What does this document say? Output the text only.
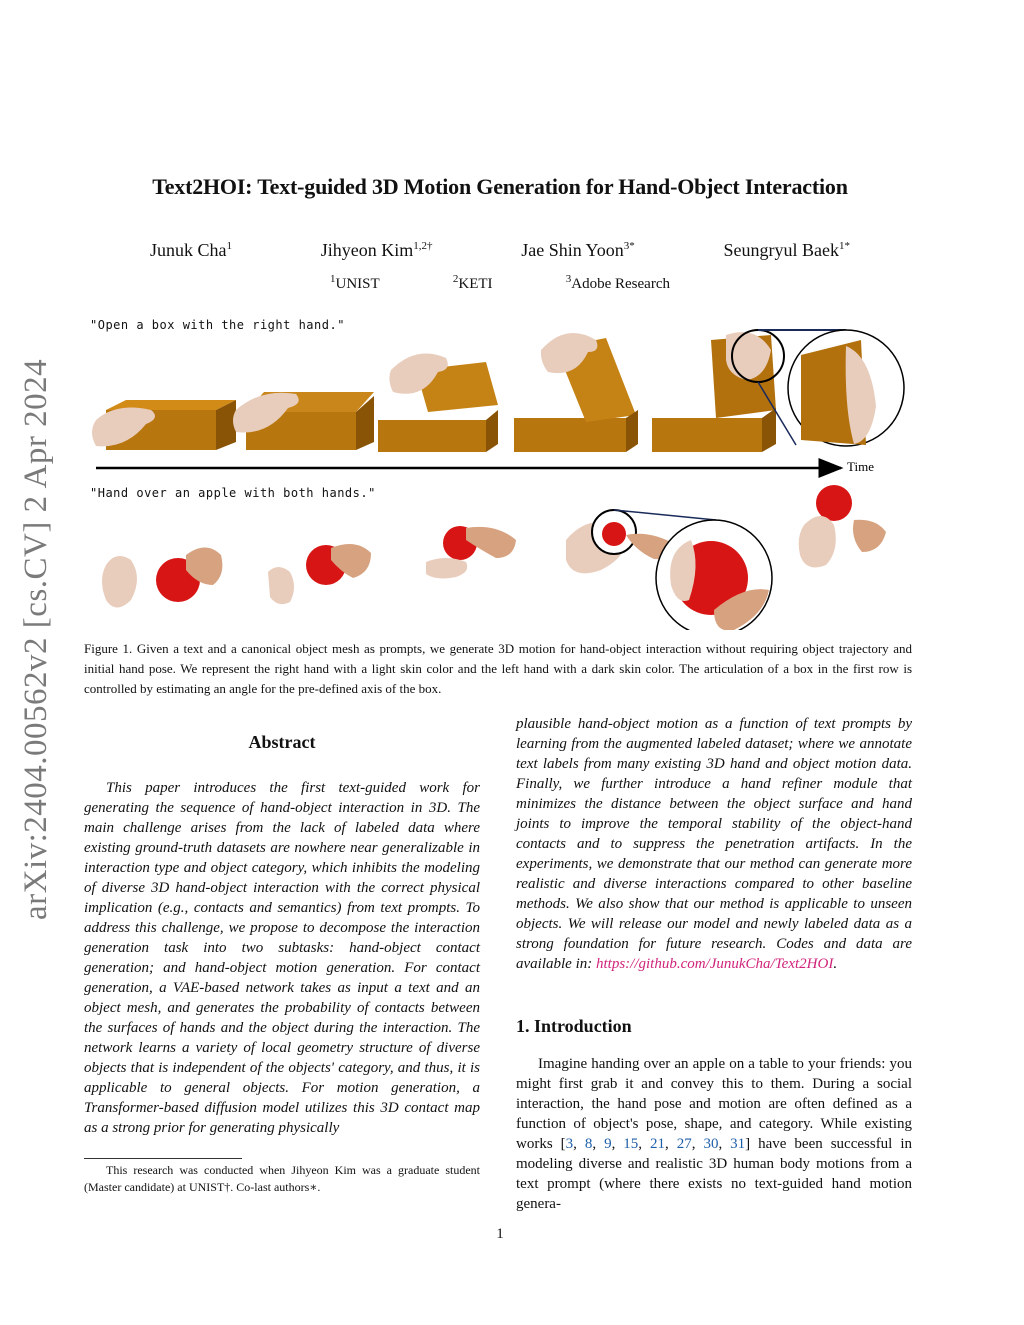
arXiv:2404.00562v2 [cs.CV] 2 Apr 2024
Text2HOI: Text-guided 3D Motion Generation for Hand-Object Interaction
Junuk Cha$^1$	Jihyeon Kim$^{1,2\dagger}$	Jae Shin Yoon$^{3*}$	Seungryul Baek$^{1*}$
$^1$UNIST	$^2$KETI	$^3$Adobe Research
"Open a box with the right hand."
"Hand over an apple with both hands."
Time
Figure 1. Given a text and a canonical object mesh as prompts, we generate 3D motion for hand-object interaction without requiring object trajectory and initial hand pose. We represent the right hand with a light skin color and the left hand with a dark skin color. The articulation of a box in the first row is controlled by estimating an angle for the pre-defined axis of the box.
Abstract

This paper introduces the first text-guided work for generating the sequence of hand-object interaction in 3D. The main challenge arises from the lack of labeled data where existing ground-truth datasets are nowhere near generalizable in interaction type and object category, which inhibits the modeling of diverse 3D hand-object interaction with the correct physical implication (e.g., contacts and semantics) from text prompts. To address this challenge, we propose to decompose the interaction generation task into two subtasks: hand-object contact generation; and hand-object motion generation. For contact generation, a VAE-based network takes as input a text and an object mesh, and generates the probability of contacts between the surfaces of hands and the object during the interaction. The network learns a variety of local geometry structure of diverse objects that is independent of the objects' category, and thus, it is applicable to general objects. For motion generation, a Transformer-based diffusion model utilizes this 3D contact map as a strong prior for generating physically

This research was conducted when Jihyeon Kim was a graduate student (Master candidate) at UNIST†. Co-last authors∗.

plausible hand-object motion as a function of text prompts by learning from the augmented labeled dataset; where we annotate text labels from many existing 3D hand and object motion data. Finally, we further introduce a hand refiner module that minimizes the distance between the object surface and hand joints to improve the temporal stability of the object-hand contacts and to suppress the penetration artifacts. In the experiments, we demonstrate that our method can generate more realistic and diverse interactions compared to other baseline methods. We also show that our method is applicable to unseen objects. We will release our model and newly labeled data as a strong foundation for future research. Codes and data are available in: https://github.com/JunukCha/Text2HOI.

1. Introduction

Imagine handing over an apple on a table to your friends: you might first grab it and convey this to them. During a social interaction, the hand pose and motion are often defined as a function of object's pose, shape, and category. While existing works [3, 8, 9, 15, 21, 27, 30, 31] have been successful in modeling diverse and realistic 3D human body motions from a text prompt (where there exists no text-guided hand motion genera-

1
